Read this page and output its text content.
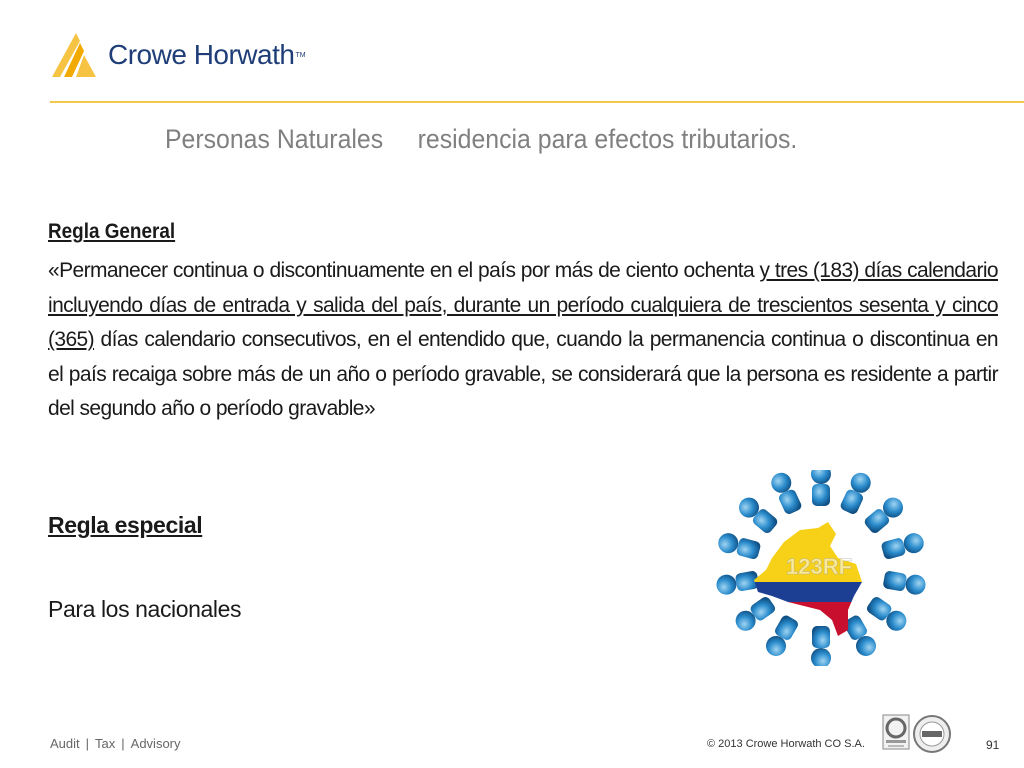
Crowe Horwath TM
Personas Naturales     residencia para efectos tributarios.

Regla General

«Permanecer continua o discontinuamente en el país por más de ciento ochenta y tres (183) días calendario incluyendo días de entrada y salida del país, durante un período cualquiera de trescientos sesenta y cinco (365) días calendario consecutivos, en el entendido que, cuando la permanencia continua o discontinua en el país recaiga sobre más de un año o período gravable, se considerará que la persona es residente a partir del segundo año o período gravable»

Regla especial
Para los nacionales
123RF
Audit | Tax | Advisory	© 2013 Crowe Horwath CO S.A.	91
